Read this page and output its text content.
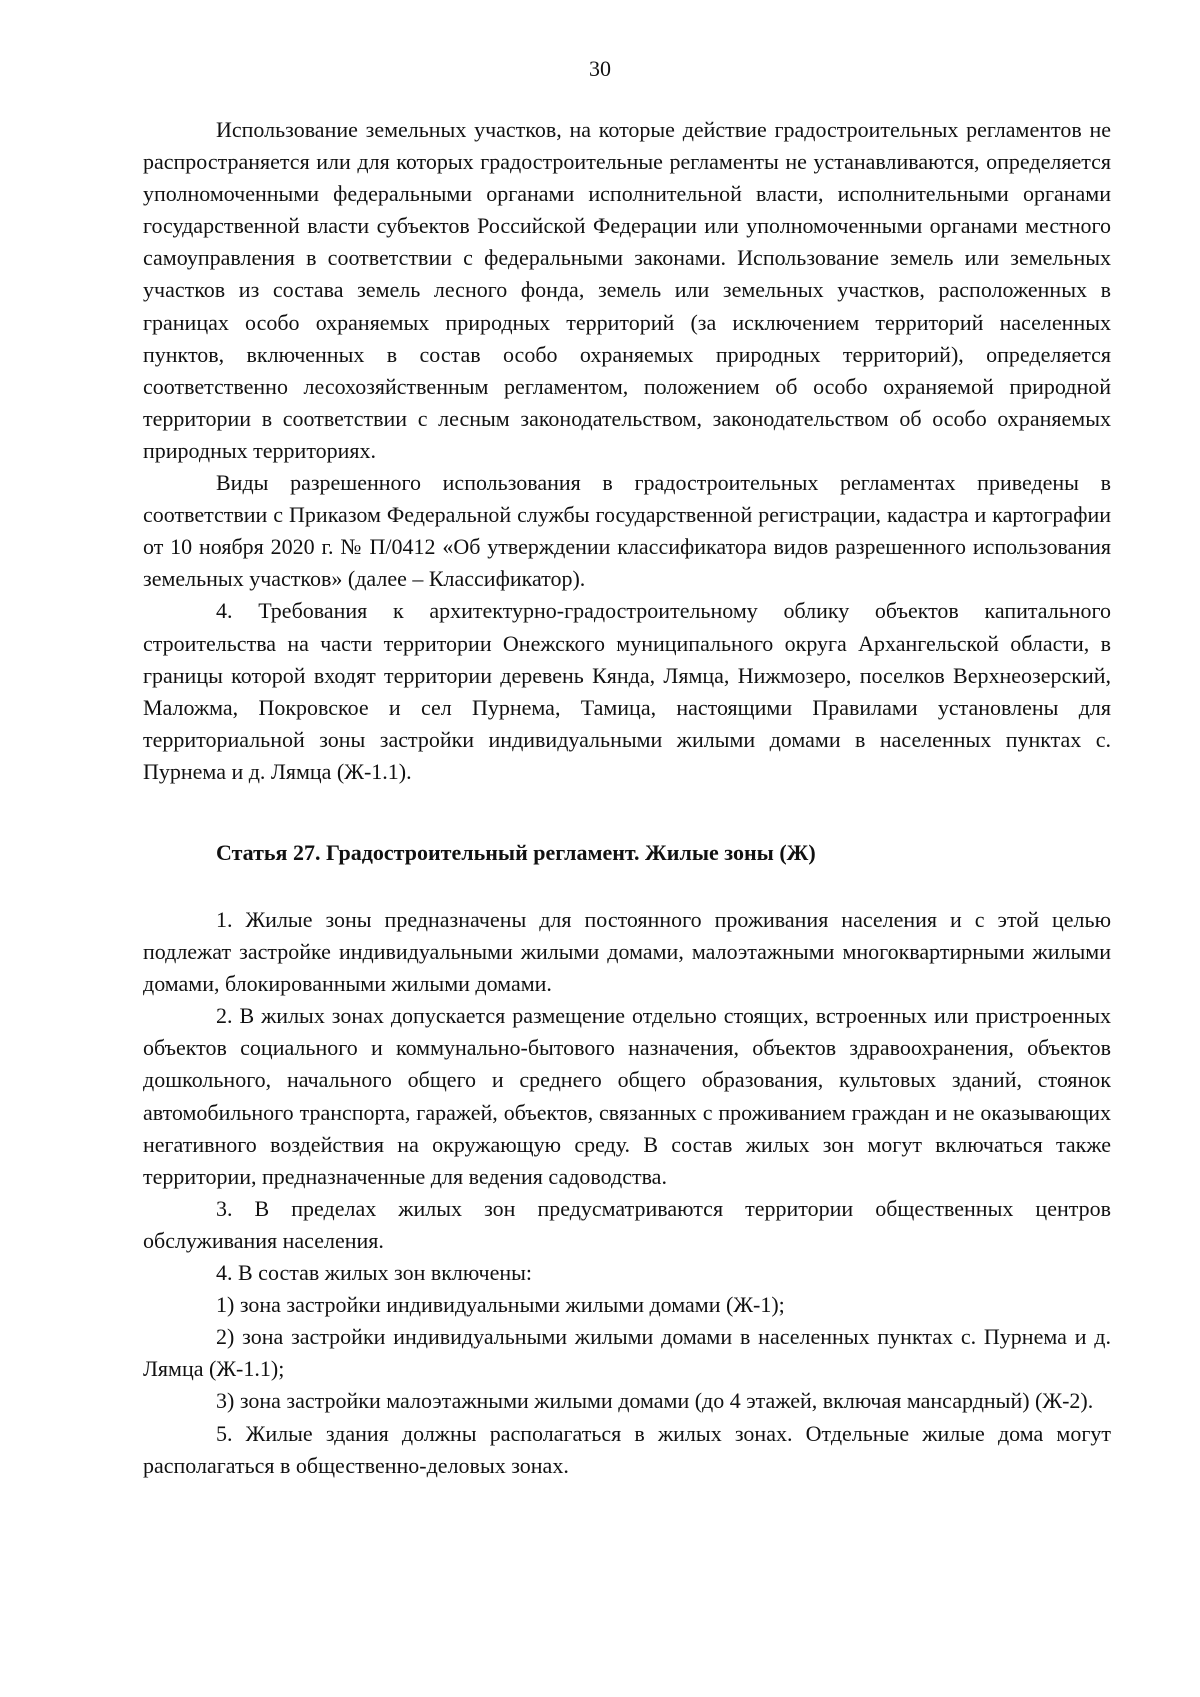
30

Использование земельных участков, на которые действие градостроительных регламентов не распространяется или для которых градостроительные регламенты не устанавливаются, определяется уполномоченными федеральными органами исполнительной власти, исполнительными органами государственной власти субъектов Российской Федерации или уполномоченными органами местного самоуправления в соответствии с федеральными законами. Использование земель или земельных участков из состава земель лесного фонда, земель или земельных участков, расположенных в границах особо охраняемых природных территорий (за исключением территорий населенных пунктов, включенных в состав особо охраняемых природных территорий), определяется соответственно лесохозяйственным регламентом, положением об особо охраняемой природной территории в соответствии с лесным законодательством, законодательством об особо охраняемых природных территориях.

Виды разрешенного использования в градостроительных регламентах приведены в соответствии с Приказом Федеральной службы государственной регистрации, кадастра и картографии от 10 ноября 2020 г. № П/0412 «Об утверждении классификатора видов разрешенного использования земельных участков» (далее – Классификатор).

4. Требования к архитектурно-градостроительному облику объектов капитального строительства на части территории Онежского муниципального округа Архангельской области, в границы которой входят территории деревень Кянда, Лямца, Нижмозеро, поселков Верхнеозерский, Маложма, Покровское и сел Пурнема, Тамица, настоящими Правилами установлены для территориальной зоны застройки индивидуальными жилыми домами в населенных пунктах с. Пурнема и д. Лямца (Ж-1.1).

Статья 27. Градостроительный регламент. Жилые зоны (Ж)

1. Жилые зоны предназначены для постоянного проживания населения и с этой целью подлежат застройке индивидуальными жилыми домами, малоэтажными многоквартирными жилыми домами, блокированными жилыми домами.

2. В жилых зонах допускается размещение отдельно стоящих, встроенных или пристроенных объектов социального и коммунально-бытового назначения, объектов здравоохранения, объектов дошкольного, начального общего и среднего общего образования, культовых зданий, стоянок автомобильного транспорта, гаражей, объектов, связанных с проживанием граждан и не оказывающих негативного воздействия на окружающую среду. В состав жилых зон могут включаться также территории, предназначенные для ведения садоводства.

3. В пределах жилых зон предусматриваются территории общественных центров обслуживания населения.

4. В состав жилых зон включены:

1) зона застройки индивидуальными жилыми домами (Ж-1);

2) зона застройки индивидуальными жилыми домами в населенных пунктах с. Пурнема и д. Лямца (Ж-1.1);

3) зона застройки малоэтажными жилыми домами (до 4 этажей, включая мансардный) (Ж-2).

5. Жилые здания должны располагаться в жилых зонах. Отдельные жилые дома могут располагаться в общественно-деловых зонах.
